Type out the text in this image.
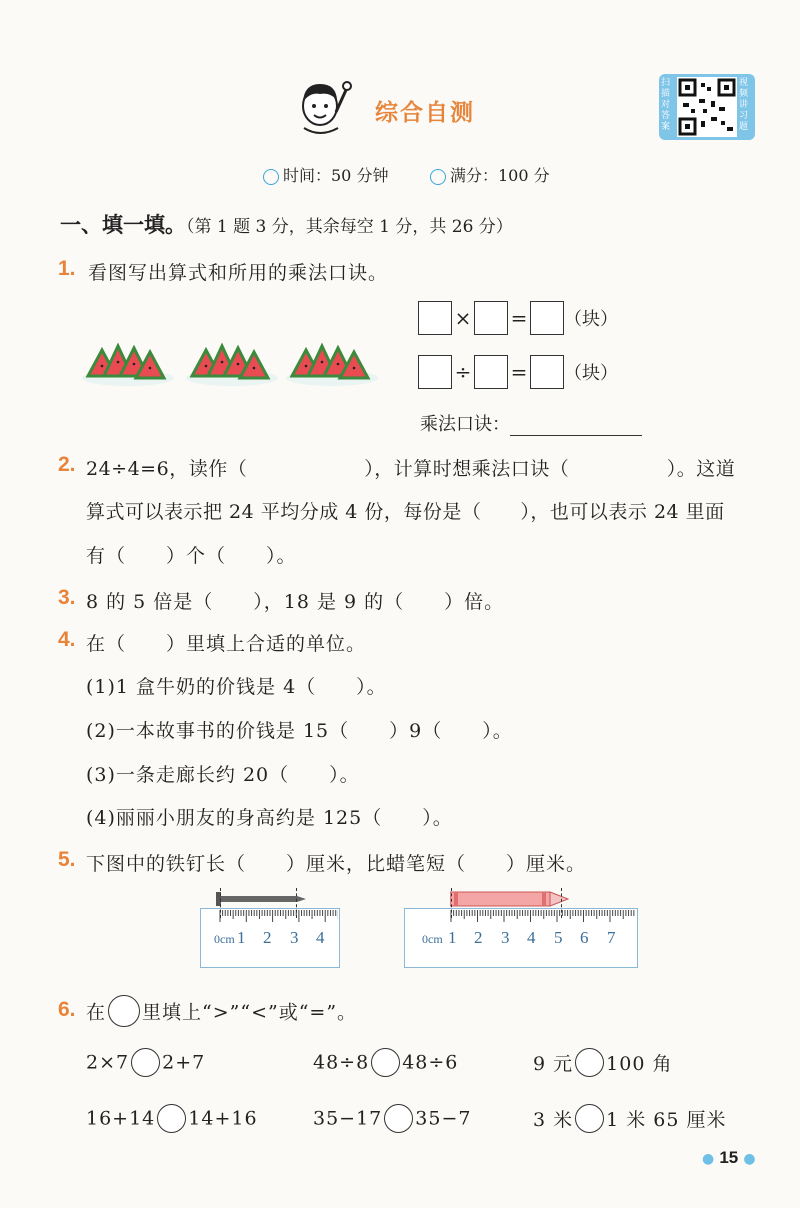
综合自测
扫描对答案
视频讲习题
时间：50 分钟	满分：100 分
一、填一填。（第 1 题 3 分，其余每空 1 分，共 26 分）
1. 看图写出算式和所用的乘法口诀。
× = （块）
÷ = （块）
乘法口诀：
2. 24÷4=6，读作（　　　　　　），计算时想乘法口诀（　　　　　）。这道
算式可以表示把 24 平均分成 4 份，每份是（　　），也可以表示 24 里面
有（　　）个（　　）。
3. 8 的 5 倍是（　　），18 是 9 的（　　）倍。
4. 在（　　）里填上合适的单位。
(1)1 盒牛奶的价钱是 4（　　）。
(2)一本故事书的价钱是 15（　　）9（　　）。
(3)一条走廊长约 20（　　）。
(4)丽丽小朋友的身高约是 125（　　）。
5. 下图中的铁钉长（　　）厘米，比蜡笔短（　　）厘米。
0cm 1 2 3 4	0cm 1 2 3 4 5 6 7
6. 在 里填上“>”“<”或“=”。
2×7 2+7	48÷8 48÷6	9 元 100 角
16+14 14+16	35−17 35−7	3 米 1 米 65 厘米
● 15 ●
